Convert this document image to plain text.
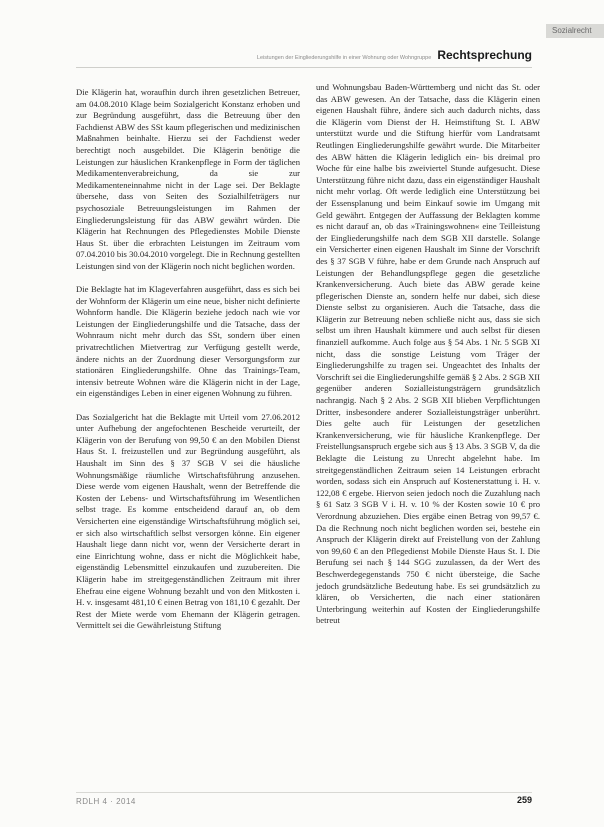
Sozialrecht
Leistungen der Eingliederungshilfe in einer Wohnung oder Wohngruppe Rechtsprechung

Die Klägerin hat, woraufhin durch ihren gesetzlichen Betreuer, am 04.08.2010 Klage beim Sozialgericht Konstanz erhoben und zur Begründung ausgeführt, dass die Betreuung über den Fachdienst ABW des SSt kaum pflegerischen und medizinischen Maßnahmen beinhalte. Hierzu sei der Fachdienst weder berechtigt noch ausgebildet. Die Klägerin benötige die Leistungen zur häuslichen Krankenpflege in Form der täglichen Medikamentenverabreichung, da sie zur Medikamenteneinnahme nicht in der Lage sei. Der Beklagte übersehe, dass von Seiten des Sozialhilfeträgers nur psychosoziale Betreuungsleistungen im Rahmen der Eingliederungsleistung für das ABW gewährt würden. Die Klägerin hat Rechnungen des Pflegedienstes Mobile Dienste Haus St. über die erbrachten Leistungen im Zeitraum vom 07.04.2010 bis 30.04.2010 vorgelegt. Die in Rechnung gestellten Leistungen sind von der Klägerin noch nicht beglichen worden.

Die Beklagte hat im Klageverfahren ausgeführt, dass es sich bei der Wohnform der Klägerin um eine neue, bisher nicht definierte Wohnform handle. Die Klägerin beziehe jedoch nach wie vor Leistungen der Eingliederungshilfe und die Tatsache, dass der Wohnraum nicht mehr durch das SSt, sondern über einen privatrechtlichen Mietvertrag zur Verfügung gestellt werde, ändere nichts an der Zuordnung dieser Versorgungsform zur stationären Eingliederungshilfe. Ohne das Trainings-Team, intensiv betreute Wohnen wäre die Klägerin nicht in der Lage, ein eigenständiges Leben in einer eigenen Wohnung zu führen.

Das Sozialgericht hat die Beklagte mit Urteil vom 27.06.2012 unter Aufhebung der angefochtenen Bescheide verurteilt, der Klägerin von der Berufung von 99,50 € an den Mobilen Dienst Haus St. I. freizustellen und zur Begründung ausgeführt, als Haushalt im Sinn des § 37 SGB V sei die häusliche Wohnungsmäßige räumliche Wirtschaftsführung anzusehen. Diese werde vom eigenen Haushalt, wenn der Betreffende die Kosten der Lebens- und Wirtschaftsführung im Wesentlichen selbst trage. Es komme entscheidend darauf an, ob dem Versicherten eine eigenständige Wirtschaftsführung möglich sei, er sich also wirtschaftlich selbst versorgen könne. Ein eigener Haushalt liege dann nicht vor, wenn der Versicherte derart in eine Einrichtung wohne, dass er nicht die Möglichkeit habe, eigenständig Lebensmittel einzukaufen und zuzubereiten. Die Klägerin habe im streitgegenständlichen Zeitraum mit ihrer Ehefrau eine eigene Wohnung bezahlt und von den Mitkosten i. H. v. insgesamt 481,10 € einen Betrag von 181,10 € gezahlt. Der Rest der Miete werde vom Ehemann der Klägerin getragen. Vermittelt sei die Gewährleistung Stiftung

und Wohnungsbau Baden-Württemberg und nicht das St. oder das ABW gewesen. An der Tatsache, dass die Klägerin einen eigenen Haushalt führe, ändere sich auch dadurch nichts, dass die Klägerin vom Dienst der H. Heimstiftung St. I. ABW unterstützt wurde und die Stiftung hierfür vom Landratsamt Reutlingen Eingliederungshilfe gewährt wurde. Die Mitarbeiter des ABW hätten die Klägerin lediglich ein- bis dreimal pro Woche für eine halbe bis zweiviertel Stunde aufgesucht. Diese Unterstützung führe nicht dazu, dass ein eigenständiger Haushalt nicht mehr vorlag. Oft werde lediglich eine Unterstützung bei der Essensplanung und beim Einkauf sowie im Umgang mit Geld gewährt. Entgegen der Auffassung der Beklagten komme es nicht darauf an, ob das »Trainingswohnen« eine Teilleistung der Eingliederungshilfe nach dem SGB XII darstelle. Solange ein Versicherter einen eigenen Haushalt im Sinne der Vorschrift des § 37 SGB V führe, habe er dem Grunde nach Anspruch auf Leistungen der Behandlungspflege gegen die gesetzliche Krankenversicherung. Auch biete das ABW gerade keine pflegerischen Dienste an, sondern helfe nur dabei, sich diese Dienste selbst zu organisieren. Auch die Tatsache, dass die Klägerin zur Betreuung neben schließe nicht aus, dass sie sich selbst um ihren Haushalt kümmere und auch selbst für diesen finanziell aufkomme. Auch folge aus § 54 Abs. 1 Nr. 5 SGB XI nicht, dass die sonstige Leistung vom Träger der Eingliederungshilfe zu tragen sei. Ungeachtet des Inhalts der Vorschrift sei die Eingliederungshilfe gemäß § 2 Abs. 2 SGB XII gegenüber anderen Sozialleistungsträgern grundsätzlich nachrangig. Nach § 2 Abs. 2 SGB XII blieben Verpflichtungen Dritter, insbesondere anderer Sozialleistungsträger unberührt. Dies gelte auch für Leistungen der gesetzlichen Krankenversicherung, wie für häusliche Krankenpflege. Der Freistellungsanspruch ergebe sich aus § 13 Abs. 3 SGB V, da die Beklagte die Leistung zu Unrecht abgelehnt habe. Im streitgegenständlichen Zeitraum seien 14 Leistungen erbracht worden, sodass sich ein Anspruch auf Kostenerstattung i. H. v. 122,08 € ergebe. Hiervon seien jedoch noch die Zuzahlung nach § 61 Satz 3 SGB V i. H. v. 10 % der Kosten sowie 10 € pro Verordnung abzuziehen. Dies ergäbe einen Betrag von 99,57 €. Da die Rechnung noch nicht beglichen worden sei, bestehe ein Anspruch der Klägerin direkt auf Freistellung von der Zahlung von 99,60 € an den Pflegedienst Mobile Dienste Haus St. I. Die Berufung sei nach § 144 SGG zuzulassen, da der Wert des Beschwerdegegenstands 750 € nicht übersteige, die Sache jedoch grundsätzliche Bedeutung habe. Es sei grundsätzlich zu klären, ob Versicherten, die nach einer stationären Unterbringung weiterhin auf Kosten der Eingliederungshilfe betreut

RDLH 4 · 2014	259
